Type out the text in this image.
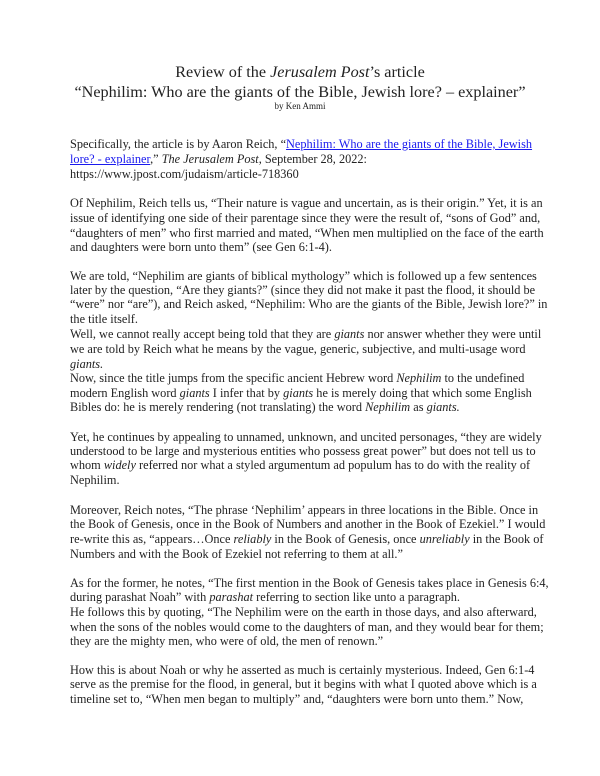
Review of the Jerusalem Post’s article
“Nephilim: Who are the giants of the Bible, Jewish lore? – explainer”
by Ken Ammi
Specifically, the article is by Aaron Reich, “Nephilim: Who are the giants of the Bible, Jewish
lore? - explainer,” The Jerusalem Post, September 28, 2022:
https://www.jpost.com/judaism/article-718360
Of Nephilim, Reich tells us, “Their nature is vague and uncertain, as is their origin.” Yet, it is an
issue of identifying one side of their parentage since they were the result of, “sons of God” and,
“daughters of men” who first married and mated, “When men multiplied on the face of the earth
and daughters were born unto them” (see Gen 6:1-4).
We are told, “Nephilim are giants of biblical mythology” which is followed up a few sentences
later by the question, “Are they giants?” (since they did not make it past the flood, it should be
“were” nor “are”), and Reich asked, “Nephilim: Who are the giants of the Bible, Jewish lore?” in
the title itself.
Well, we cannot really accept being told that they are giants nor answer whether they were until
we are told by Reich what he means by the vague, generic, subjective, and multi-usage word
giants.
Now, since the title jumps from the specific ancient Hebrew word Nephilim to the undefined
modern English word giants I infer that by giants he is merely doing that which some English
Bibles do: he is merely rendering (not translating) the word Nephilim as giants.
Yet, he continues by appealing to unnamed, unknown, and uncited personages, “they are widely
understood to be large and mysterious entities who possess great power” but does not tell us to
whom widely referred nor what a styled argumentum ad populum has to do with the reality of
Nephilim.
Moreover, Reich notes, “The phrase ‘Nephilim’ appears in three locations in the Bible. Once in
the Book of Genesis, once in the Book of Numbers and another in the Book of Ezekiel.” I would
re-write this as, “appears…Once reliably in the Book of Genesis, once unreliably in the Book of
Numbers and with the Book of Ezekiel not referring to them at all.”
As for the former, he notes, “The first mention in the Book of Genesis takes place in Genesis 6:4,
during parashat Noah” with parashat referring to section like unto a paragraph.
He follows this by quoting, “The Nephilim were on the earth in those days, and also afterward,
when the sons of the nobles would come to the daughters of man, and they would bear for them;
they are the mighty men, who were of old, the men of renown.”
How this is about Noah or why he asserted as much is certainly mysterious. Indeed, Gen 6:1-4
serve as the premise for the flood, in general, but it begins with what I quoted above which is a
timeline set to, “When men began to multiply” and, “daughters were born unto them.” Now,
